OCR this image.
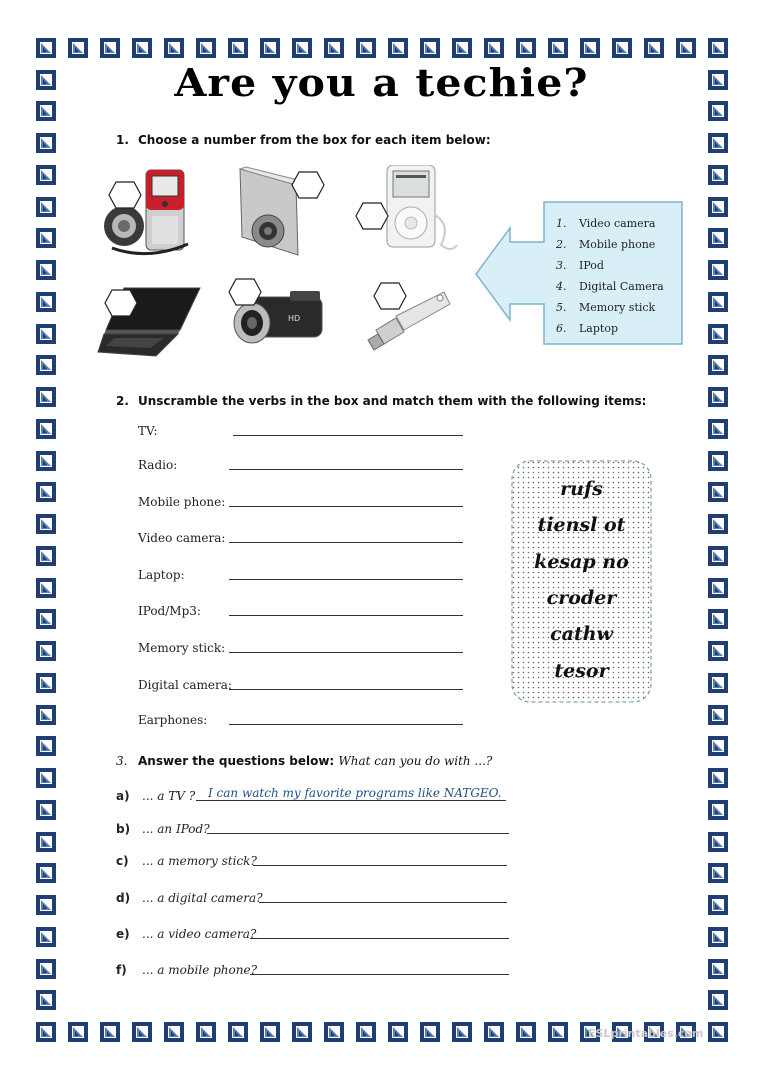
Are you a techie?
1. Choose a number from the box for each item below:
HD
1. Video camera
2. Mobile phone
3. IPod
4. Digital Camera
5. Memory stick
6. Laptop
2. Unscramble the verbs in the box and match them with the following items:
TV:
Radio:
Mobile phone:
Video camera:
Laptop:
IPod/Mp3:
Memory stick:
Digital camera:
Earphones:
rufs
tiensl ot
kesap no
croder
cathw
tesor
3. Answer the questions below: What can you do with ...?
a) ... a TV ? I can watch my favorite programs like NATGEO.
b) ... an IPod?
c) ... a memory stick?
d) ... a digital camera?
e) ... a video camera?
f) ... a mobile phone?
ESLprintables.com
